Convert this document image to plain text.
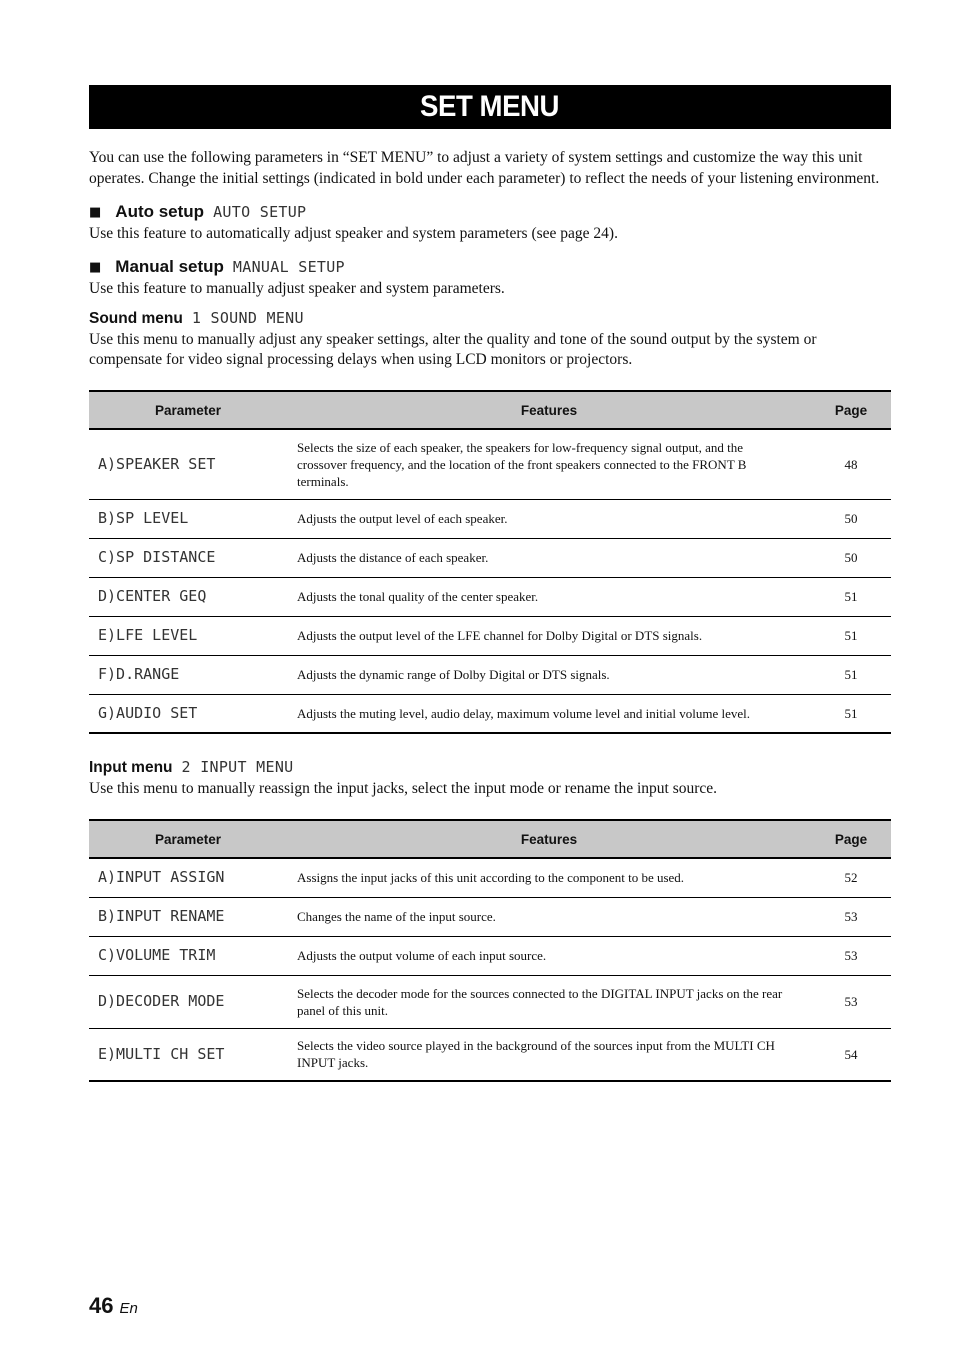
SET MENU
You can use the following parameters in “SET MENU” to adjust a variety of system settings and customize the way this unit operates. Change the initial settings (indicated in bold under each parameter) to reflect the needs of your listening environment.
■ Auto setup AUTO SETUP
Use this feature to automatically adjust speaker and system parameters (see page 24).
■ Manual setup MANUAL SETUP
Use this feature to manually adjust speaker and system parameters.
Sound menu 1 SOUND MENU
Use this menu to manually adjust any speaker settings, alter the quality and tone of the sound output by the system or compensate for video signal processing delays when using LCD monitors or projectors.
Parameter	Features	Page
A)SPEAKER SET	Selects the size of each speaker, the speakers for low-frequency signal output, and the crossover frequency, and the location of the front speakers connected to the FRONT B terminals.	48
B)SP LEVEL	Adjusts the output level of each speaker.	50
C)SP DISTANCE	Adjusts the distance of each speaker.	50
D)CENTER GEQ	Adjusts the tonal quality of the center speaker.	51
E)LFE LEVEL	Adjusts the output level of the LFE channel for Dolby Digital or DTS signals.	51
F)D.RANGE	Adjusts the dynamic range of Dolby Digital or DTS signals.	51
G)AUDIO SET	Adjusts the muting level, audio delay, maximum volume level and initial volume level.	51
Input menu 2 INPUT MENU
Use this menu to manually reassign the input jacks, select the input mode or rename the input source.
Parameter	Features	Page
A)INPUT ASSIGN	Assigns the input jacks of this unit according to the component to be used.	52
B)INPUT RENAME	Changes the name of the input source.	53
C)VOLUME TRIM	Adjusts the output volume of each input source.	53
D)DECODER MODE	Selects the decoder mode for the sources connected to the DIGITAL INPUT jacks on the rear panel of this unit.	53
E)MULTI CH SET	Selects the video source played in the background of the sources input from the MULTI CH INPUT jacks.	54
46 En
